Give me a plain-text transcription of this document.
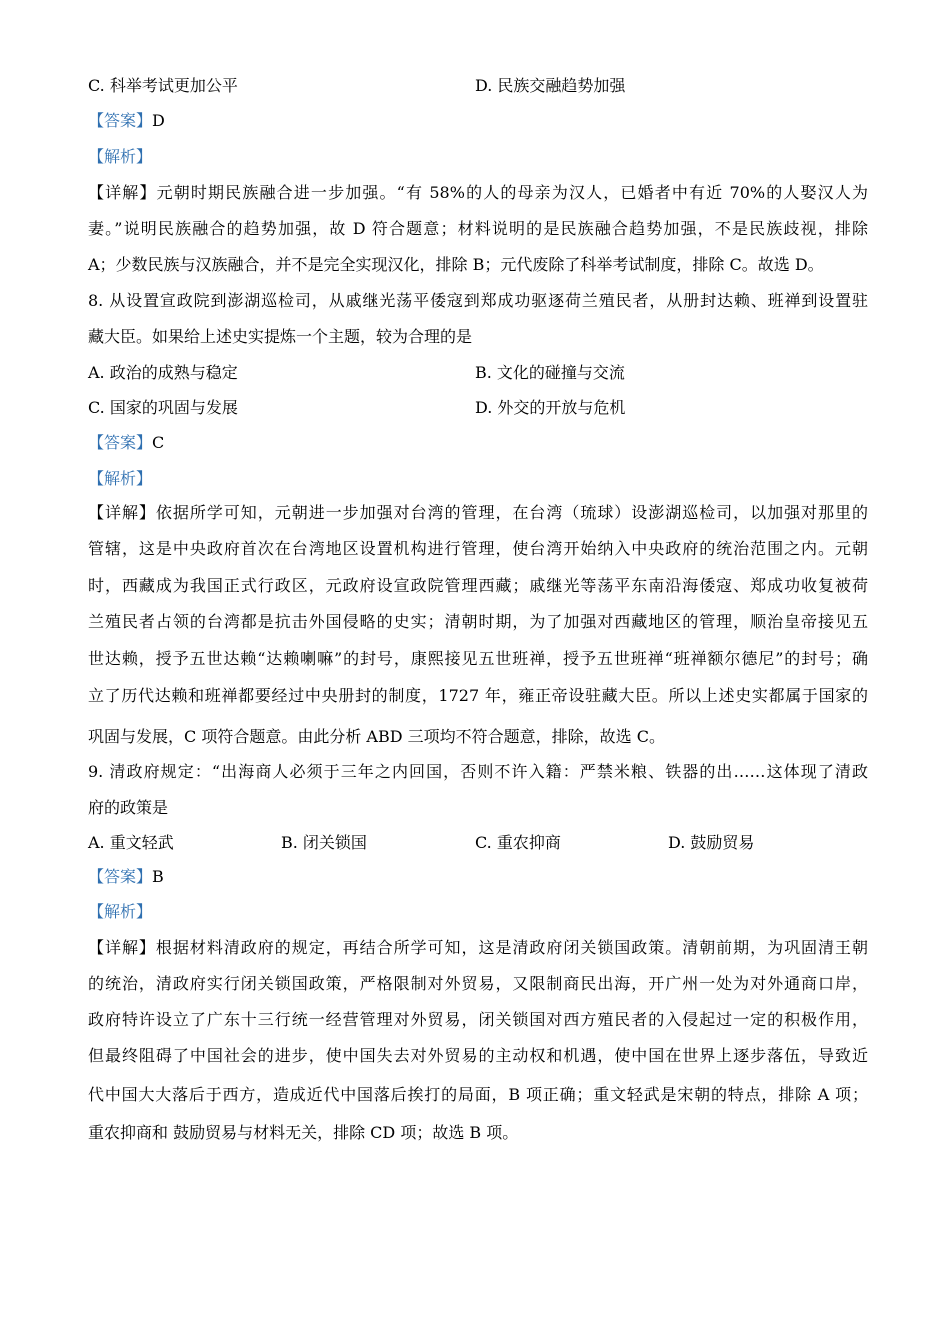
C. 科举考试更加公平	D. 民族交融趋势加强
【答案】D
【解析】
【详解】元朝时期民族融合进一步加强。“有 58%的人的母亲为汉人，已婚者中有近 70%的人娶汉人为
妻。”说明民族融合的趋势加强，故 D 符合题意；材料说明的是民族融合趋势加强，不是民族歧视，排除
A；少数民族与汉族融合，并不是完全实现汉化，排除 B；元代废除了科举考试制度，排除 C。故选 D。
8. 从设置宣政院到澎湖巡检司，从戚继光荡平倭寇到郑成功驱逐荷兰殖民者，从册封达赖、班禅到设置驻
藏大臣。如果给上述史实提炼一个主题，较为合理的是
A. 政治的成熟与稳定	B. 文化的碰撞与交流
C. 国家的巩固与发展	D. 外交的开放与危机
【答案】C
【解析】
【详解】依据所学可知，元朝进一步加强对台湾的管理，在台湾（琉球）设澎湖巡检司，以加强对那里的
管辖，这是中央政府首次在台湾地区设置机构进行管理，使台湾开始纳入中央政府的统治范围之内。元朝
时，西藏成为我国正式行政区，元政府设宣政院管理西藏；戚继光等荡平东南沿海倭寇、郑成功收复被荷
兰殖民者占领的台湾都是抗击外国侵略的史实；清朝时期，为了加强对西藏地区的管理，顺治皇帝接见五
世达赖，授予五世达赖“达赖喇嘛”的封号，康熙接见五世班禅，授予五世班禅“班禅额尔德尼”的封号；确
立了历代达赖和班禅都要经过中央册封的制度，1727 年，雍正帝设驻藏大臣。所以上述史实都属于国家的
巩固与发展，C 项符合题意。由此分析 ABD 三项均不符合题意，排除，故选 C。
9. 清政府规定：“出海商人必须于三年之内回国，否则不许入籍：严禁米粮、铁器的出……这体现了清政
府的政策是
A. 重文轻武	B. 闭关锁国	C. 重农抑商	D. 鼓励贸易
【答案】B
【解析】
【详解】根据材料清政府的规定，再结合所学可知，这是清政府闭关锁国政策。清朝前期，为巩固清王朝
的统治，清政府实行闭关锁国政策，严格限制对外贸易，又限制商民出海，开广州一处为对外通商口岸，
政府特许设立了广东十三行统一经营管理对外贸易，闭关锁国对西方殖民者的入侵起过一定的积极作用，
但最终阻碍了中国社会的进步，使中国失去对外贸易的主动权和机遇，使中国在世界上逐步落伍，导致近
代中国大大落后于西方，造成近代中国落后挨打的局面，B 项正确；重文轻武是宋朝的特点，排除 A 项；
重农抑商和 鼓励贸易与材料无关，排除 CD 项；故选 B 项。
